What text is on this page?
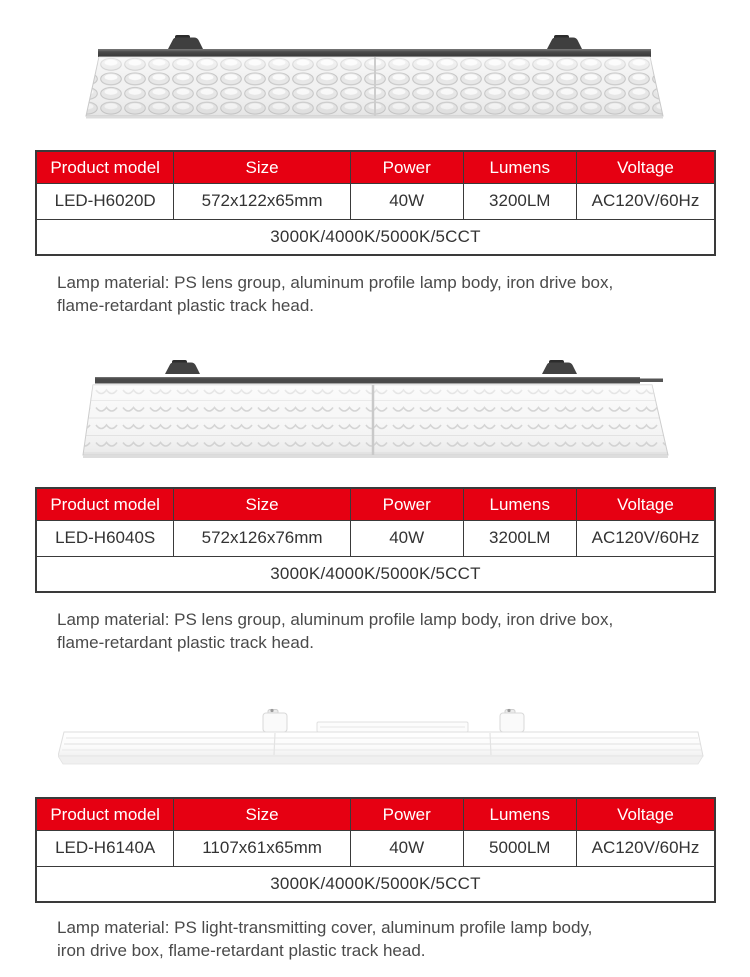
Product model	Size	Power	Lumens	Voltage
LED-H6020D	572x122x65mm	40W	3200LM	AC120V/60Hz
3000K/4000K/5000K/5CCT				
Lamp material: PS lens group, aluminum profile lamp body, iron drive box,
flame-retardant plastic track head.
Product model	Size	Power	Lumens	Voltage
LED-H6040S	572x126x76mm	40W	3200LM	AC120V/60Hz
3000K/4000K/5000K/5CCT				
Lamp material: PS lens group, aluminum profile lamp body, iron drive box,
flame-retardant plastic track head.
Product model	Size	Power	Lumens	Voltage
LED-H6140A	1107x61x65mm	40W	5000LM	AC120V/60Hz
3000K/4000K/5000K/5CCT				
Lamp material: PS light-transmitting cover, aluminum profile lamp body,
iron drive box, flame-retardant plastic track head.
